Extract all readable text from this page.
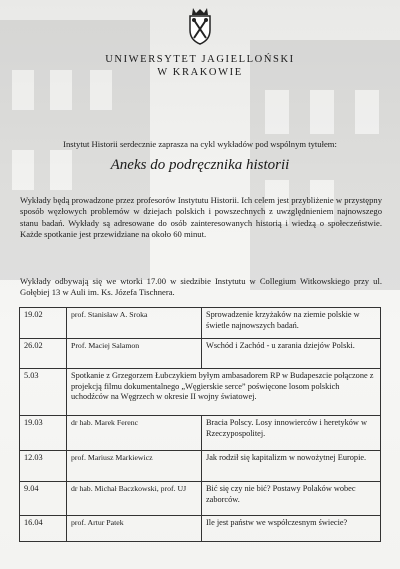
UNIWERSYTET JAGIELLOŃSKI
W KRAKOWIE
Instytut Historii serdecznie zaprasza na cykl wykładów pod wspólnym tytułem:
Aneks do podręcznika historii
Wykłady będą prowadzone przez profesorów Instytutu Historii. Ich celem jest przybliżenie w przystępny sposób węzłowych problemów w dziejach polskich i powszechnych z uwzględnieniem najnowszego stanu badań. Wykłady są adresowane do osób zainteresowanych historią i wiedzą o społeczeństwie. Każde spotkanie jest przewidziane na około 60 minut.
Wykłady odbywają się we wtorki 17.00 w siedzibie Instytutu w Collegium Witkowskiego przy ul. Gołębiej 13 w Auli im. Ks. Józefa Tischnera.
19.02	prof. Stanisław A. Sroka	Sprowadzenie krzyżaków na ziemie polskie w świetle najnowszych badań.
26.02	Prof. Maciej Salamon	Wschód i Zachód - u zarania dziejów Polski.
5.03	Spotkanie z Grzegorzem Łubczykiem byłym ambasadorem RP w Budapeszcie połączone z projekcją filmu dokumentalnego „Węgierskie serce” poświęcone losom polskich uchodźców na Węgrzech w okresie II wojny światowej.	
19.03	dr hab. Marek Ferenc	Bracia Polscy. Losy innowierców i heretyków w Rzeczypospolitej.
12.03	prof. Mariusz Markiewicz	Jak rodził się kapitalizm w nowożytnej Europie.
9.04	dr hab. Michał Baczkowski, prof. UJ	Bić się czy nie bić? Postawy Polaków wobec zaborców.
16.04	prof. Artur Patek	Ile jest państw we współczesnym świecie?
